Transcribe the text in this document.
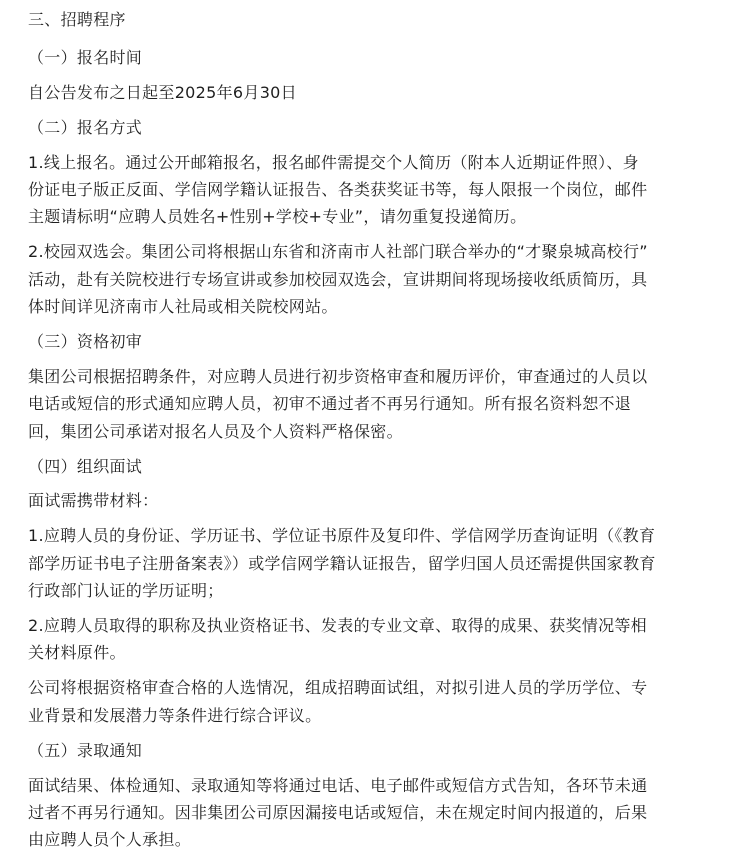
三、招聘程序
（一）报名时间
自公告发布之日起至2025年6月30日
（二）报名方式
1.线上报名。通过公开邮箱报名，报名邮件需提交个人简历（附本人近期证件照）、身
份证电子版正反面、学信网学籍认证报告、各类获奖证书等，每人限报一个岗位，邮件
主题请标明“应聘人员姓名+性别+学校+专业”，请勿重复投递简历。
2.校园双选会。集团公司将根据山东省和济南市人社部门联合举办的“才聚泉城高校行”
活动，赴有关院校进行专场宣讲或参加校园双选会，宣讲期间将现场接收纸质简历，具
体时间详见济南市人社局或相关院校网站。
（三）资格初审
集团公司根据招聘条件，对应聘人员进行初步资格审查和履历评价，审查通过的人员以
电话或短信的形式通知应聘人员，初审不通过者不再另行通知。所有报名资料恕不退
回，集团公司承诺对报名人员及个人资料严格保密。
（四）组织面试
面试需携带材料：
1.应聘人员的身份证、学历证书、学位证书原件及复印件、学信网学历查询证明（《教育
部学历证书电子注册备案表》）或学信网学籍认证报告，留学归国人员还需提供国家教育
行政部门认证的学历证明；
2.应聘人员取得的职称及执业资格证书、发表的专业文章、取得的成果、获奖情况等相
关材料原件。
公司将根据资格审查合格的人选情况，组成招聘面试组，对拟引进人员的学历学位、专
业背景和发展潜力等条件进行综合评议。
（五）录取通知
面试结果、体检通知、录取通知等将通过电话、电子邮件或短信方式告知，各环节未通
过者不再另行通知。因非集团公司原因漏接电话或短信，未在规定时间内报道的，后果
由应聘人员个人承担。
